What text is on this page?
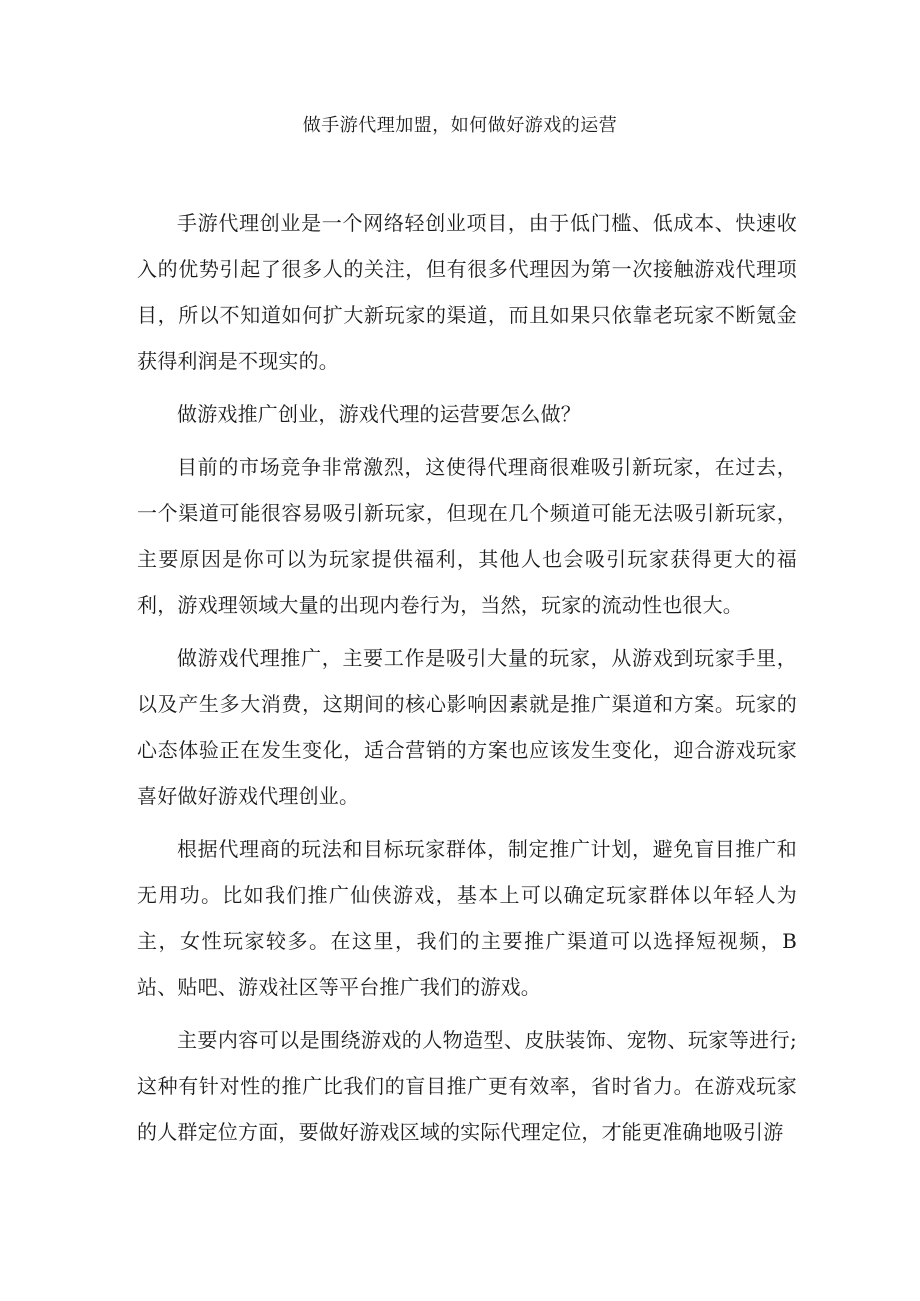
做手游代理加盟，如何做好游戏的运营

手游代理创业是一个网络轻创业项目，由于低门槛、低成本、快速收入的优势引起了很多人的关注，但有很多代理因为第一次接触游戏代理项目，所以不知道如何扩大新玩家的渠道，而且如果只依靠老玩家不断氪金获得利润是不现实的。

做游戏推广创业，游戏代理的运营要怎么做？

目前的市场竞争非常激烈，这使得代理商很难吸引新玩家，在过去，一个渠道可能很容易吸引新玩家，但现在几个频道可能无法吸引新玩家，主要原因是你可以为玩家提供福利，其他人也会吸引玩家获得更大的福利，游戏理领域大量的出现内卷行为，当然，玩家的流动性也很大。

做游戏代理推广，主要工作是吸引大量的玩家，从游戏到玩家手里，以及产生多大消费，这期间的核心影响因素就是推广渠道和方案。玩家的心态体验正在发生变化，适合营销的方案也应该发生变化，迎合游戏玩家喜好做好游戏代理创业。

根据代理商的玩法和目标玩家群体，制定推广计划，避免盲目推广和无用功。比如我们推广仙侠游戏，基本上可以确定玩家群体以年轻人为主，女性玩家较多。在这里，我们的主要推广渠道可以选择短视频，B 站、贴吧、游戏社区等平台推广我们的游戏。

主要内容可以是围绕游戏的人物造型、皮肤装饰、宠物、玩家等进行;这种有针对性的推广比我们的盲目推广更有效率，省时省力。在游戏玩家的人群定位方面，要做好游戏区域的实际代理定位，才能更准确地吸引游
